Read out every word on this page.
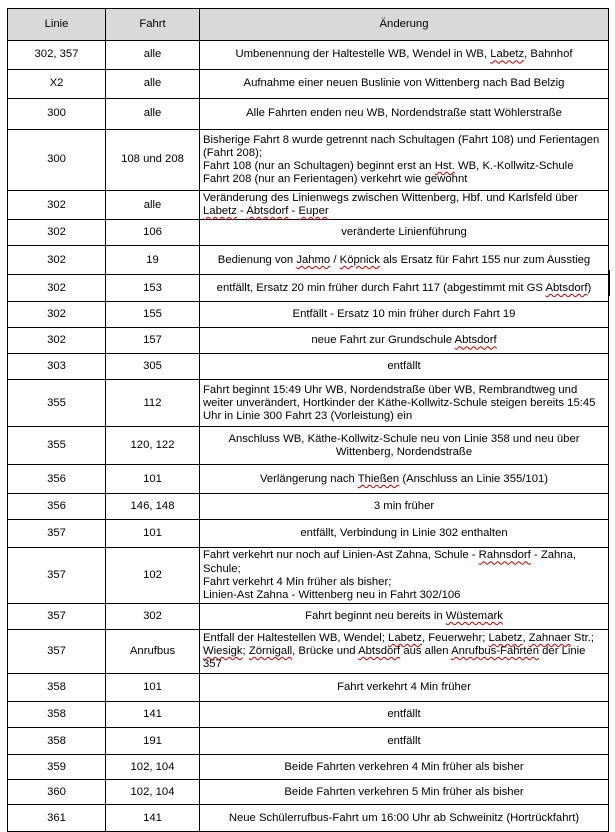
Linie	Fahrt	Änderung
302, 357	alle	Umbenennung der Haltestelle WB, Wendel in WB, Labetz, Bahnhof

X2	alle	Aufnahme einer neuen Buslinie von Wittenberg nach Bad Belzig

300	alle	Alle Fahrten enden neu WB, Nordendstraße statt Wöhlerstraße

300	108 und 208	Bisherige Fahrt 8 wurde getrennt nach Schultagen (Fahrt 108) und Ferientagen (Fahrt 208);
Fahrt 108 (nur an Schultagen) beginnt erst an Hst. WB, K.-Kollwitz-Schule
Fahrt 208 (nur an Ferientagen) verkehrt wie gewohnt

302	alle	Veränderung des Linienwegs zwischen Wittenberg, Hbf. und Karlsfeld über Labetz - Abtsdorf - Euper

302	106	veränderte Linienführung

302	19	Bedienung von Jahmo / Köpnick als Ersatz für Fahrt 155 nur zum Ausstieg

302	153	entfällt, Ersatz 20 min früher durch Fahrt 117 (abgestimmt mit GS Abtsdorf)

302	155	Entfällt - Ersatz 10 min früher durch Fahrt 19

302	157	neue Fahrt zur Grundschule Abtsdorf

303	305	entfällt

355	112	Fahrt beginnt 15:49 Uhr WB, Nordendstraße über WB, Rembrandtweg und weiter unverändert, Hortkinder der Käthe-Kollwitz-Schule steigen bereits 15:45 Uhr in Linie 300 Fahrt 23 (Vorleistung) ein

355	120, 122	Anschluss WB, Käthe-Kollwitz-Schule neu von Linie 358 und neu über Wittenberg, Nordendstraße

356	101	Verlängerung nach Thießen (Anschluss an Linie 355/101)

356	146, 148	3 min früher

357	101	entfällt, Verbindung in Linie 302 enthalten

357	102	Fahrt verkehrt nur noch auf Linien-Ast Zahna, Schule - Rahnsdorf - Zahna, Schule;
Fahrt verkehrt 4 Min früher als bisher;
Linien-Ast Zahna - Wittenberg neu in Fahrt 302/106

357	302	Fahrt beginnt neu bereits in Wüstemark

357	Anrufbus	Entfall der Haltestellen WB, Wendel; Labetz, Feuerwehr; Labetz, Zahnaer Str.; Wiesigk; Zörnigall, Brücke und Abtsdorf aus allen Anrufbus-Fahrten der Linie 357

358	101	Fahrt verkehrt 4 Min früher

358	141	entfällt

358	191	entfällt

359	102, 104	Beide Fahrten verkehren 4 Min früher als bisher

360	102, 104	Beide Fahrten verkehren 5 Min früher als bisher

361	141	Neue Schülerrufbus-Fahrt um 16:00 Uhr ab Schweinitz (Hortrückfahrt)
